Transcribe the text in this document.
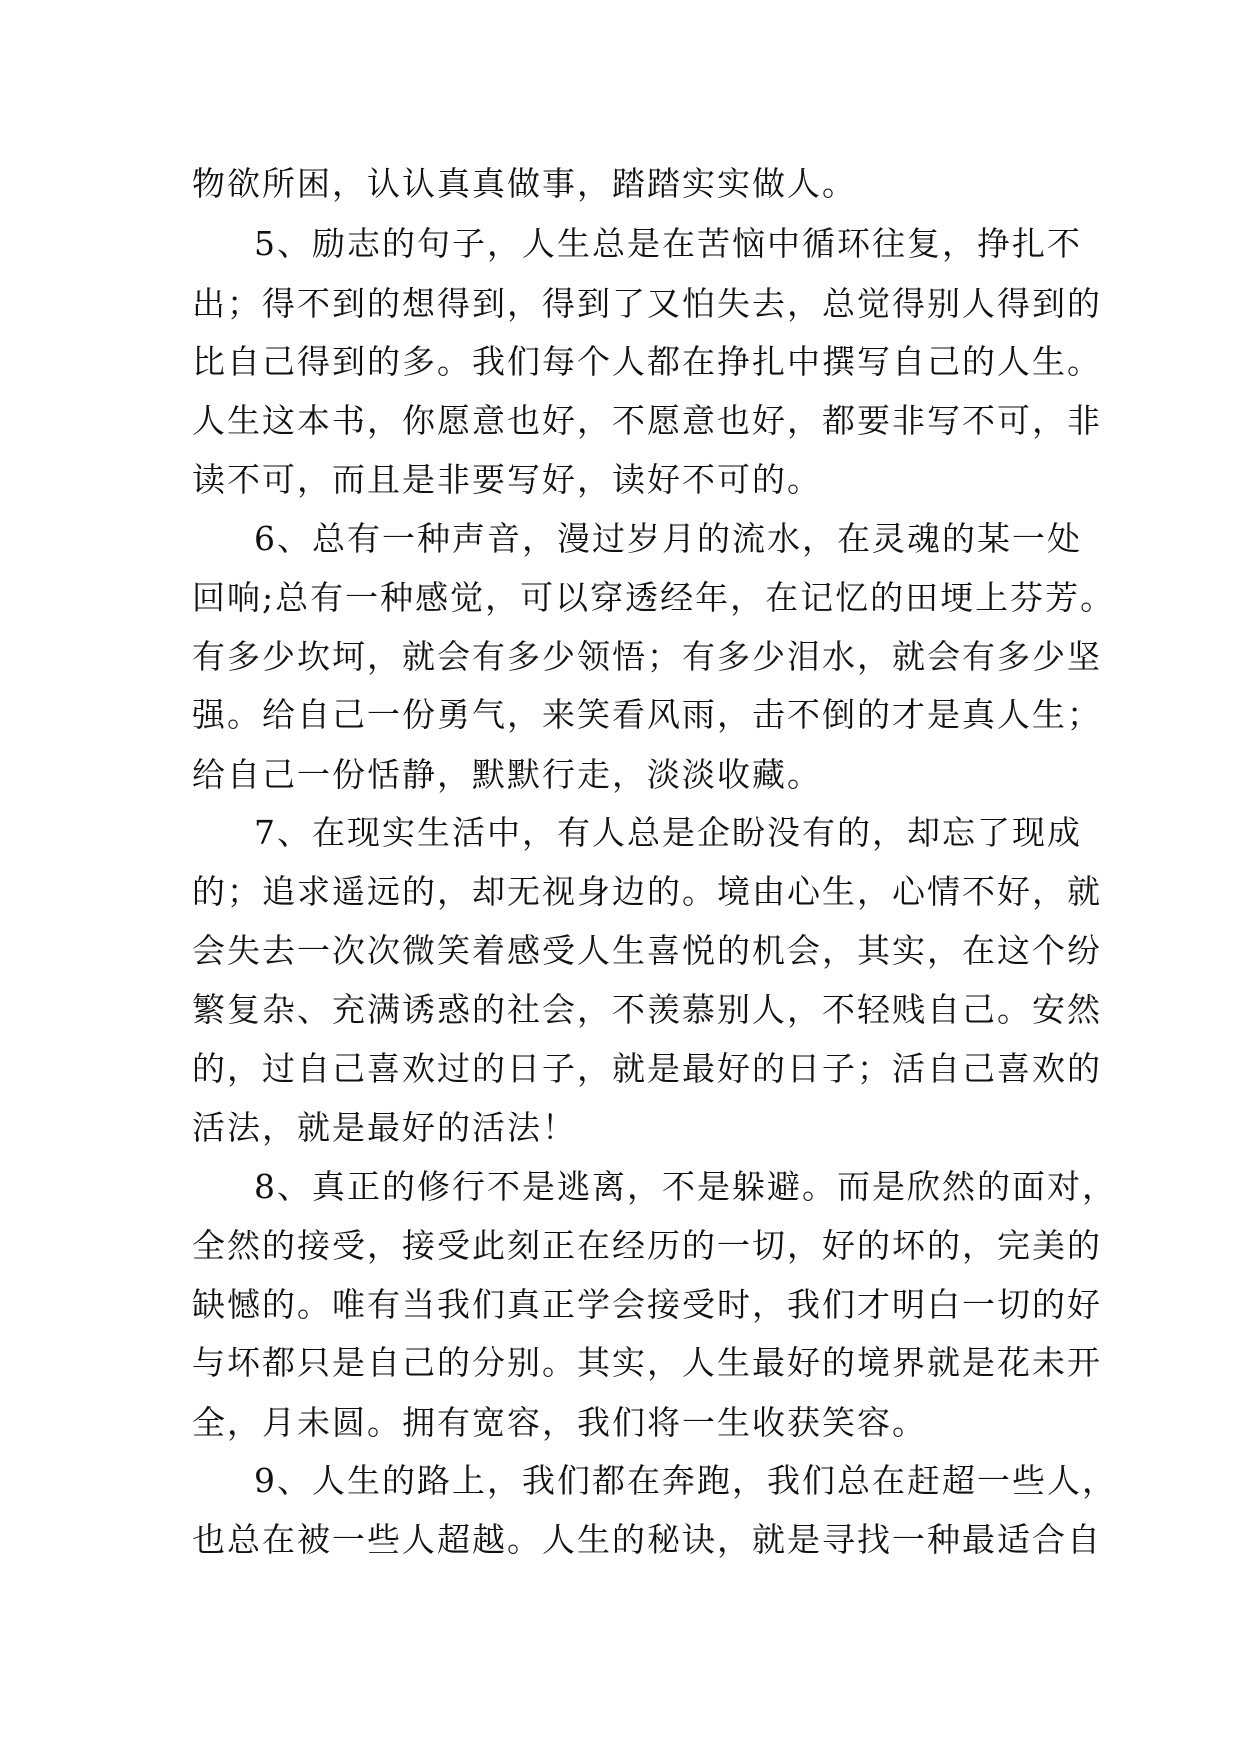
物欲所困，认认真真做事，踏踏实实做人。
5、励志的句子，人生总是在苦恼中循环往复，挣扎不
出；得不到的想得到，得到了又怕失去，总觉得别人得到的
比自己得到的多。我们每个人都在挣扎中撰写自己的人生。
人生这本书，你愿意也好，不愿意也好，都要非写不可，非
读不可，而且是非要写好，读好不可的。
6、总有一种声音，漫过岁月的流水，在灵魂的某一处
回响;总有一种感觉，可以穿透经年，在记忆的田埂上芬芳。
有多少坎坷，就会有多少领悟；有多少泪水，就会有多少坚
强。给自己一份勇气，来笑看风雨，击不倒的才是真人生；
给自己一份恬静，默默行走，淡淡收藏。
7、在现实生活中，有人总是企盼没有的，却忘了现成
的；追求遥远的，却无视身边的。境由心生，心情不好，就
会失去一次次微笑着感受人生喜悦的机会，其实，在这个纷
繁复杂、充满诱惑的社会，不羡慕别人，不轻贱自己。安然
的，过自己喜欢过的日子，就是最好的日子；活自己喜欢的
活法，就是最好的活法！
8、真正的修行不是逃离，不是躲避。而是欣然的面对，
全然的接受，接受此刻正在经历的一切，好的坏的，完美的
缺憾的。唯有当我们真正学会接受时，我们才明白一切的好
与坏都只是自己的分别。其实，人生最好的境界就是花未开
全，月未圆。拥有宽容，我们将一生收获笑容。
9、人生的路上，我们都在奔跑，我们总在赶超一些人，
也总在被一些人超越。人生的秘诀，就是寻找一种最适合自
